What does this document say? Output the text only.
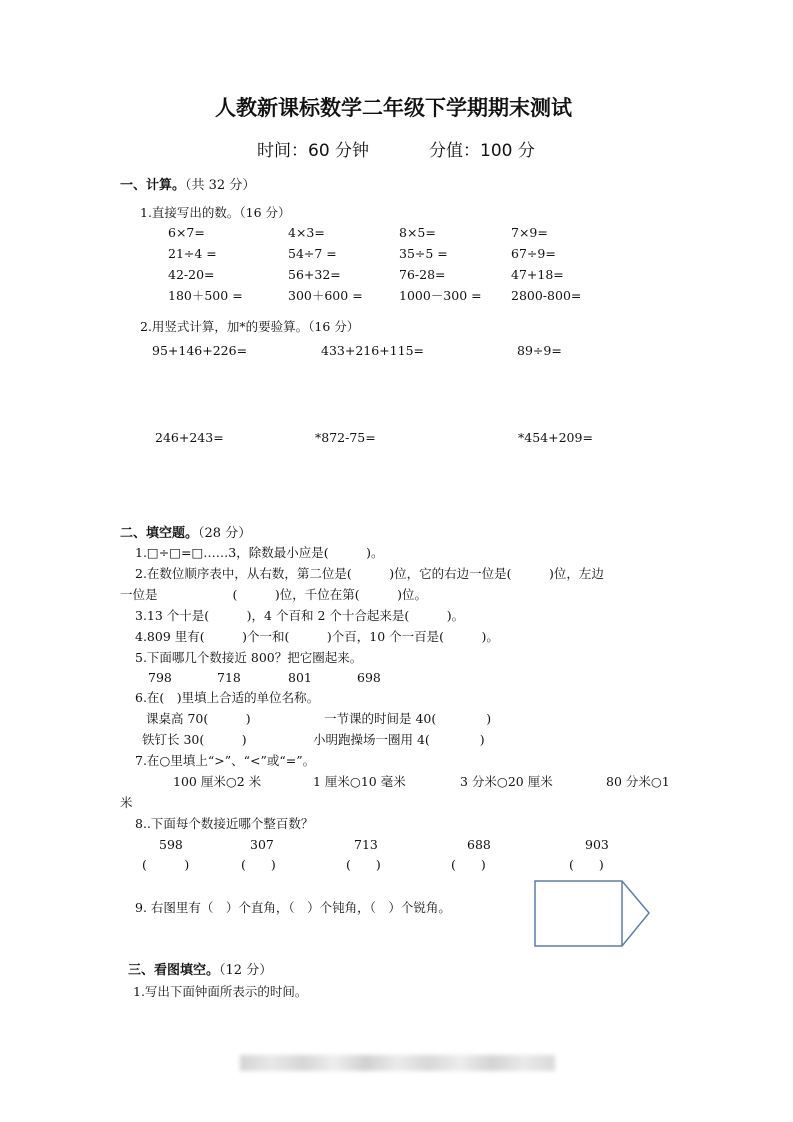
人教新课标数学二年级下学期期末测试
时间：60 分钟	分值：100 分
一、计算。（共 32 分）
1.直接写出的数。（16 分）
6×7=	4×3=	8×5=	7×9=
21÷4 =	54÷7 =	35÷5 =	67÷9=
42-20=	56+32=	76-28=	47+18=
180＋500 =	300＋600 =	1000－300 = 2800-800=
2.用竖式计算，加*的要验算。（16 分）
95+146+226=	433+216+115=	89÷9=
246+243=	*872-75=	*454+209=
二、填空题。（28 分）
1.□÷□=□……3，除数最小应是(　　　)。
2.在数位顺序表中，从右数，第二位是(　　　)位，它的右边一位是(　　　)位，左边
一位是　　　　　　(　　　)位，千位在第(　　　)位。
3.13 个十是(　　　)，4 个百和 2 个十合起来是(　　　)。
4.809 里有(　　　)个一和(　　　)个百，10 个一百是(　　　)。
5.下面哪几个数接近 800？把它圈起来。
798	718	801	698
6.在(　)里填上合适的单位名称。
课桌高 70(　　　)	一节课的时间是 40(　　　　)
铁钉长 30(　　　)	小明跑操场一圈用 4(　　　　)
7.在○里填上“>”、“<”或“=”。
100 厘米○2 米	1 厘米○10 毫米	3 分米○20 厘米	80 分米○1
米
8..下面每个数接近哪个整百数？
598	307	713	688	903
(　　　)	(　　)	(　　)	(　　)	(　　)
9. 右图里有（　）个直角，（　）个钝角，（　）个锐角。
三、看图填空。（12 分）
1.写出下面钟面所表示的时间。
